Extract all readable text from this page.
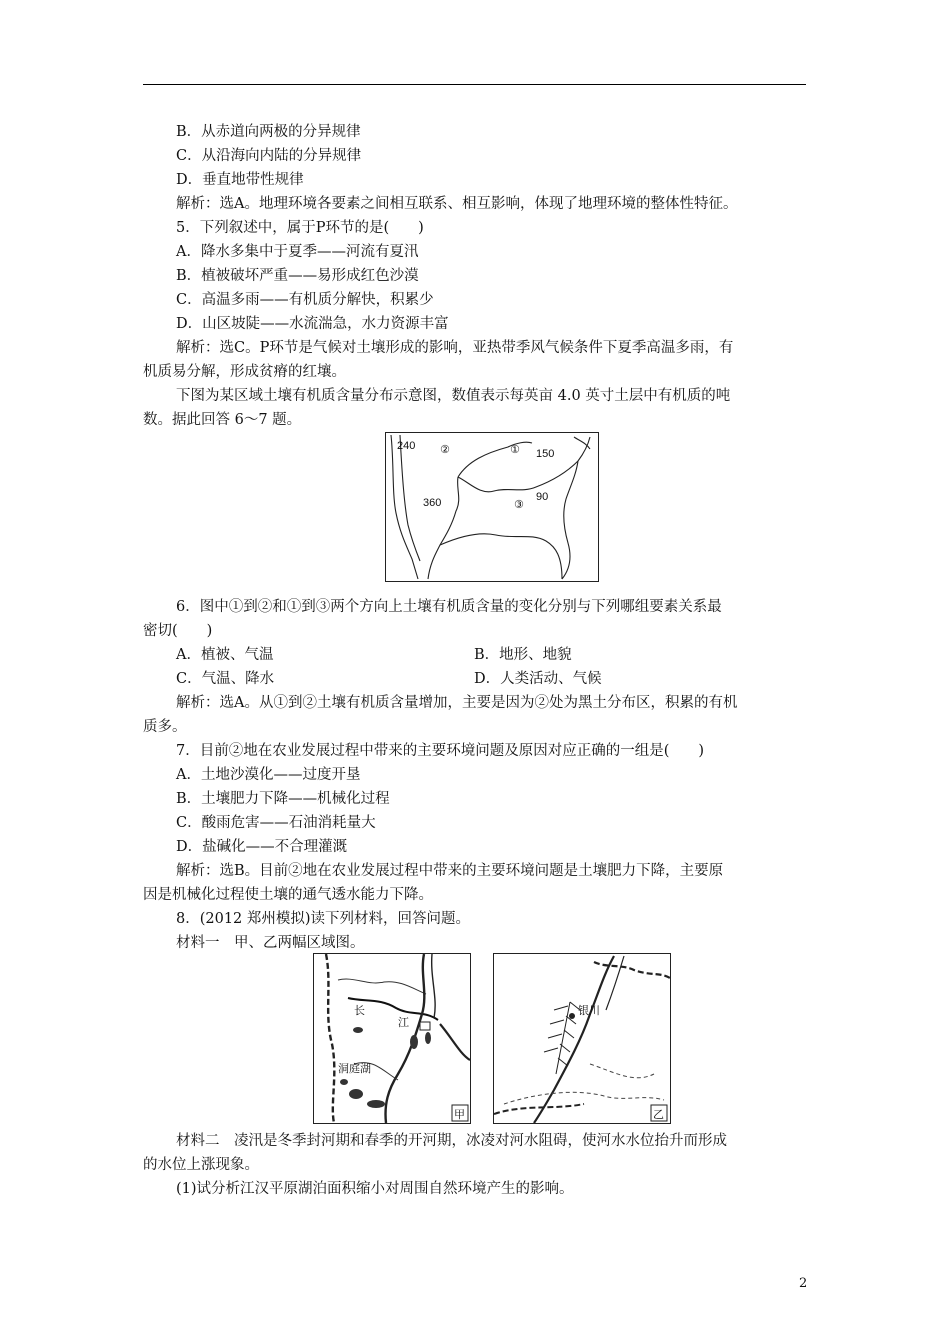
B．从赤道向两极的分异规律
C．从沿海向内陆的分异规律
D．垂直地带性规律
解析：选A。地理环境各要素之间相互联系、相互影响，体现了地理环境的整体性特征。
5．下列叙述中，属于P环节的是(　　)
A．降水多集中于夏季——河流有夏汛
B．植被破坏严重——易形成红色沙漠
C．高温多雨——有机质分解快，积累少
D．山区坡陡——水流湍急，水力资源丰富
解析：选C。P环节是气候对土壤形成的影响，亚热带季风气候条件下夏季高温多雨，有
机质易分解，形成贫瘠的红壤。
下图为某区域土壤有机质含量分布示意图，数值表示每英亩 4.0 英寸土层中有机质的吨
数。据此回答 6～7 题。
240 ②	① 150
360	③
90
6．图中①到②和①到③两个方向上土壤有机质含量的变化分别与下列哪组要素关系最
密切(　　)
A．植被、气温	B．地形、地貌
C．气温、降水	D．人类活动、气候
解析：选A。从①到②土壤有机质含量增加，主要是因为②处为黑土分布区，积累的有机
质多。
7．目前②地在农业发展过程中带来的主要环境问题及原因对应正确的一组是(　　)
A．土地沙漠化——过度开垦
B．土壤肥力下降——机械化过程
C．酸雨危害——石油消耗量大
D．盐碱化——不合理灌溉
解析：选B。目前②地在农业发展过程中带来的主要环境问题是土壤肥力下降，主要原
因是机械化过程使土壤的通气透水能力下降。
8．(2012 郑州模拟)读下列材料，回答问题。
材料一　甲、乙两幅区域图。
长
江
洞庭湖
甲
银川
乙
材料二　凌汛是冬季封河期和春季的开河期，冰凌对河水阻碍，使河水水位抬升而形成
的水位上涨现象。
(1)试分析江汉平原湖泊面积缩小对周围自然环境产生的影响。
2
